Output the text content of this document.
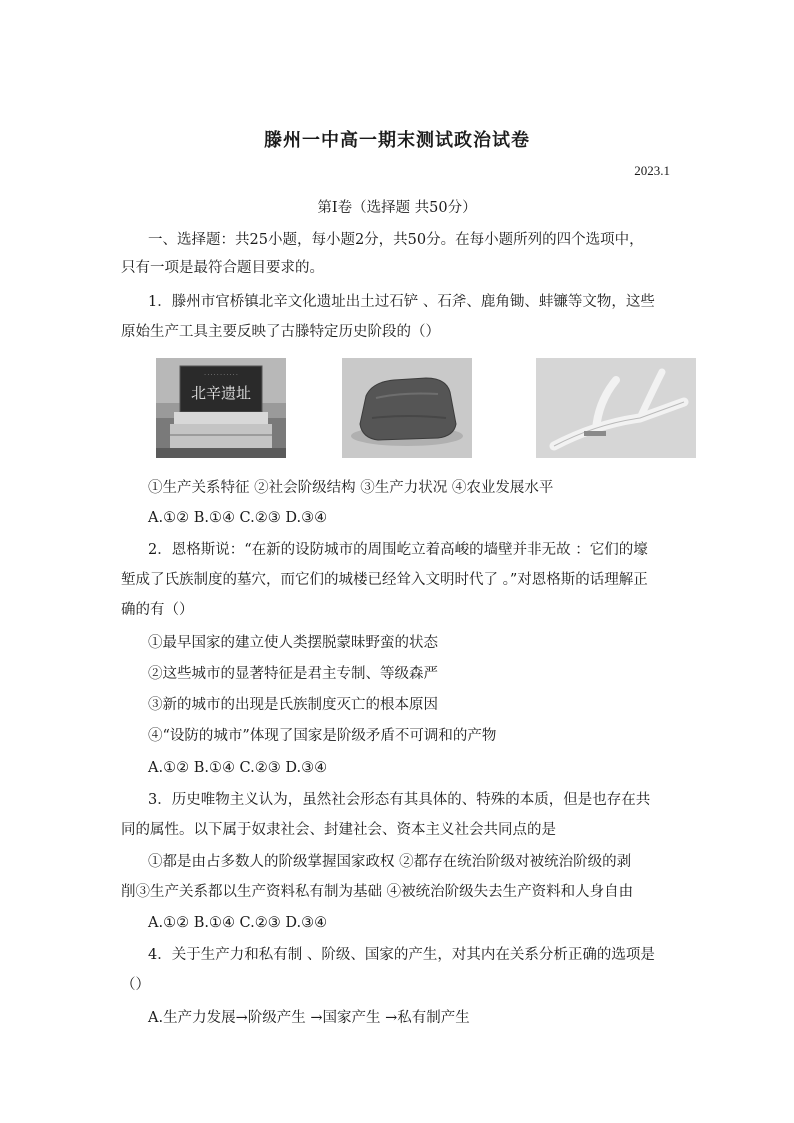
滕州一中高一期末测试政治试卷
2023.1
第Ⅰ卷（选择题 共50分）
一、选择题：共25小题，每小题2分，共50分。在每小题所列的四个选项中，
只有一项是最符合题目要求的。
1．滕州市官桥镇北辛文化遗址出土过石铲 、石斧、鹿角锄、蚌镰等文物，这些
原始生产工具主要反映了古滕特定历史阶段的（）
· · · · · · · · · · ·
北辛遗址
①生产关系特征 ②社会阶级结构 ③生产力状况 ④农业发展水平
A.①② B.①④ C.②③ D.③④
2．恩格斯说：“在新的设防城市的周围屹立着高峻的墙壁并非无故 ：它们的壕
堑成了氏族制度的墓穴，而它们的城楼已经耸入文明时代了 。”对恩格斯的话理解正
确的有（）
①最早国家的建立使人类摆脱蒙昧野蛮的状态
②这些城市的显著特征是君主专制、等级森严
③新的城市的出现是氏族制度灭亡的根本原因
④“设防的城市”体现了国家是阶级矛盾不可调和的产物
A.①② B.①④ C.②③ D.③④
3．历史唯物主义认为，虽然社会形态有其具体的、特殊的本质，但是也存在共
同的属性。以下属于奴隶社会、封建社会、资本主义社会共同点的是
①都是由占多数人的阶级掌握国家政权 ②都存在统治阶级对被统治阶级的剥
削③生产关系都以生产资料私有制为基础 ④被统治阶级失去生产资料和人身自由
A.①② B.①④ C.②③ D.③④
4．关于生产力和私有制 、阶级、国家的产生，对其内在关系分析正确的选项是
（）
A.生产力发展→阶级产生 →国家产生 →私有制产生
